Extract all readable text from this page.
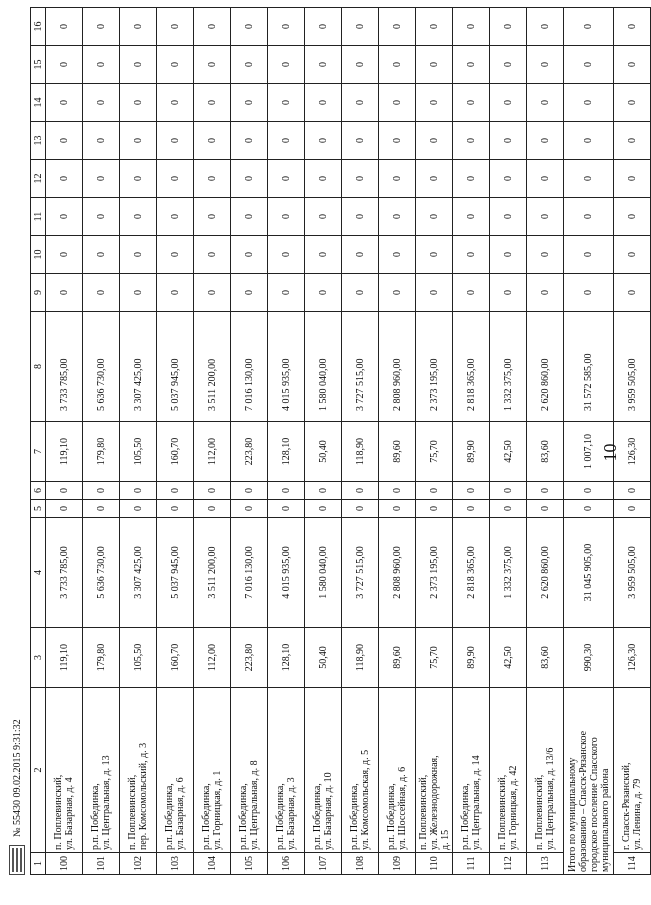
№ 55430 09.02.2015 9:31:32
1	2	3	4	5	6	7	8	9	10	11	12	13	14	15	16
100	п. Поплевинский,
ул. Базарная, д. 4	119,10	3 733 785,00	0	0	119,10	3 733 785,00	0	0	0	0	0	0	0	0
101	р.п. Побединка,
ул. Центральная, д. 13	179,80	5 636 730,00	0	0	179,80	5 636 730,00	0	0	0	0	0	0	0	0
102	п. Поплевинский,
пер. Комсомольский, д. 3	105,50	3 307 425,00	0	0	105,50	3 307 425,00	0	0	0	0	0	0	0	0
103	р.п. Побединка,
ул. Базарная, д. 6	160,70	5 037 945,00	0	0	160,70	5 037 945,00	0	0	0	0	0	0	0	0
104	р.п. Побединка,
ул. Горницкая, д. 1	112,00	3 511 200,00	0	0	112,00	3 511 200,00	0	0	0	0	0	0	0	0
105	р.п. Побединка,
ул. Центральная, д. 8	223,80	7 016 130,00	0	0	223,80	7 016 130,00	0	0	0	0	0	0	0	0
106	р.п. Побединка,
ул. Базарная, д. 3	128,10	4 015 935,00	0	0	128,10	4 015 935,00	0	0	0	0	0	0	0	0
107	р.п. Побединка,
ул. Базарная, д. 10	50,40	1 580 040,00	0	0	50,40	1 580 040,00	0	0	0	0	0	0	0	0
108	р.п. Побединка,
ул. Комсомольская, д. 5	118,90	3 727 515,00	0	0	118,90	3 727 515,00	0	0	0	0	0	0	0	0
109	р.п. Побединка,
ул. Шоссейная, д. 6	89,60	2 808 960,00	0	0	89,60	2 808 960,00	0	0	0	0	0	0	0	0
110	п. Поплевинский,
ул. Железнодорожная,
д. 15	75,70	2 373 195,00	0	0	75,70	2 373 195,00	0	0	0	0	0	0	0	0
111	р.п. Побединка,
ул. Центральная, д. 14	89,90	2 818 365,00	0	0	89,90	2 818 365,00	0	0	0	0	0	0	0	0
112	п. Поплевинский,
ул. Горницкая, д. 42	42,50	1 332 375,00	0	0	42,50	1 332 375,00	0	0	0	0	0	0	0	0
113	п. Поплевинский,
ул. Центральная, д. 13/6	83,60	2 620 860,00	0	0	83,60	2 620 860,00	0	0	0	0	0	0	0	0
Итого по муниципальному
образованию – Спасск-Рязанское
городское поселение Спасского
муниципального района		990,30	31 045 905,00	0	0	1 007,10	31 572 585,00	0	0	0	0	0	0	0	0
114	г. Спасск-Рязанский,
ул. Ленина, д. 79	126,30	3 959 505,00	0	0	126,30	3 959 505,00	0	0	0	0	0	0	0	0
10
